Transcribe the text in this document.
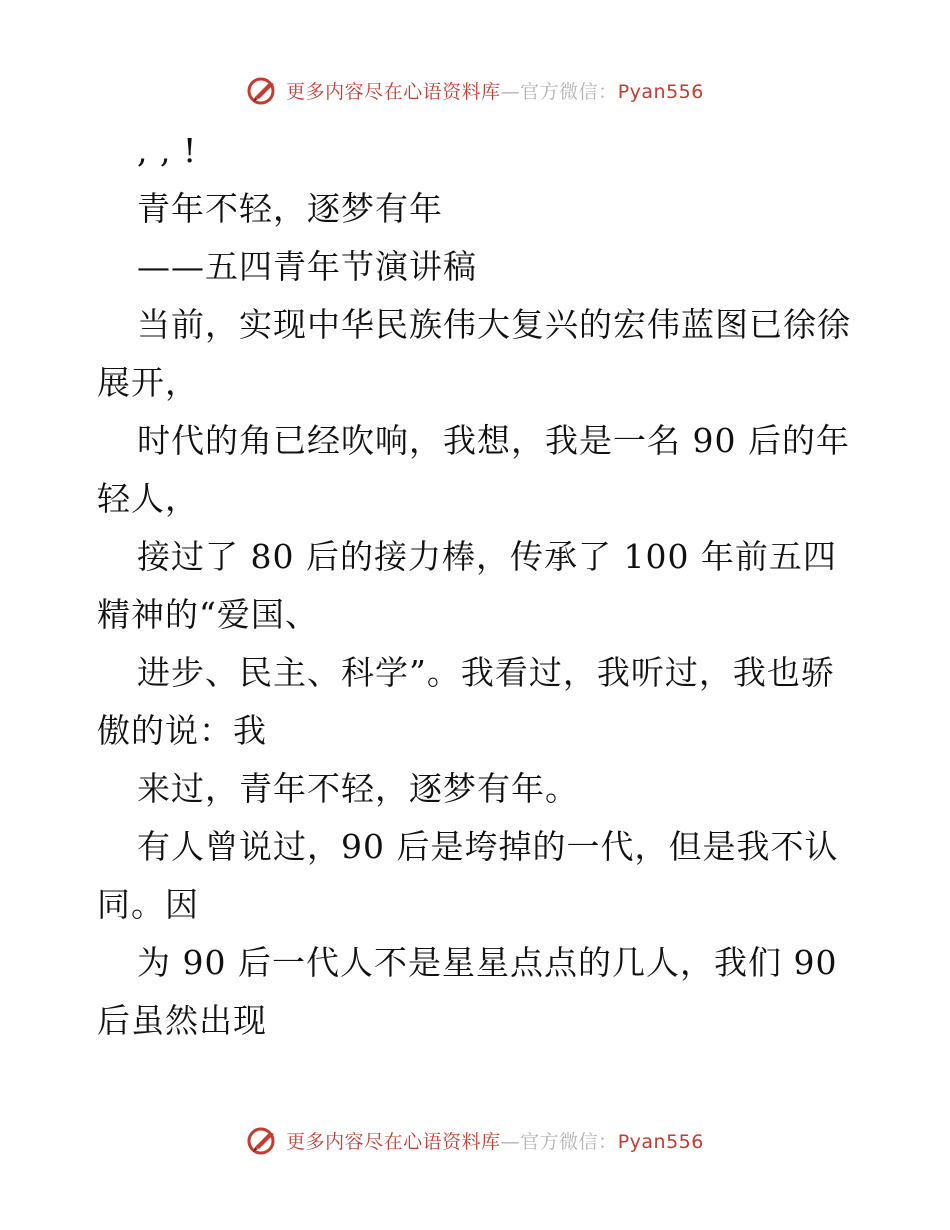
更多内容尽在心语资料库—官方微信：Pyan556
, , !
青年不轻，逐梦有年
——五四青年节演讲稿
当前，实现中华民族伟大复兴的宏伟蓝图已徐徐
展开，
时代的角已经吹响，我想，我是一名 90 后的年
轻人，
接过了 80 后的接力棒，传承了 100 年前五四
精神的“爱国、
进步、民主、科学”。我看过，我听过，我也骄
傲的说：我
来过，青年不轻，逐梦有年。
有人曾说过，90 后是垮掉的一代，但是我不认
同。因
为 90 后一代人不是星星点点的几人，我们 90
后虽然出现
更多内容尽在心语资料库—官方微信：Pyan556
